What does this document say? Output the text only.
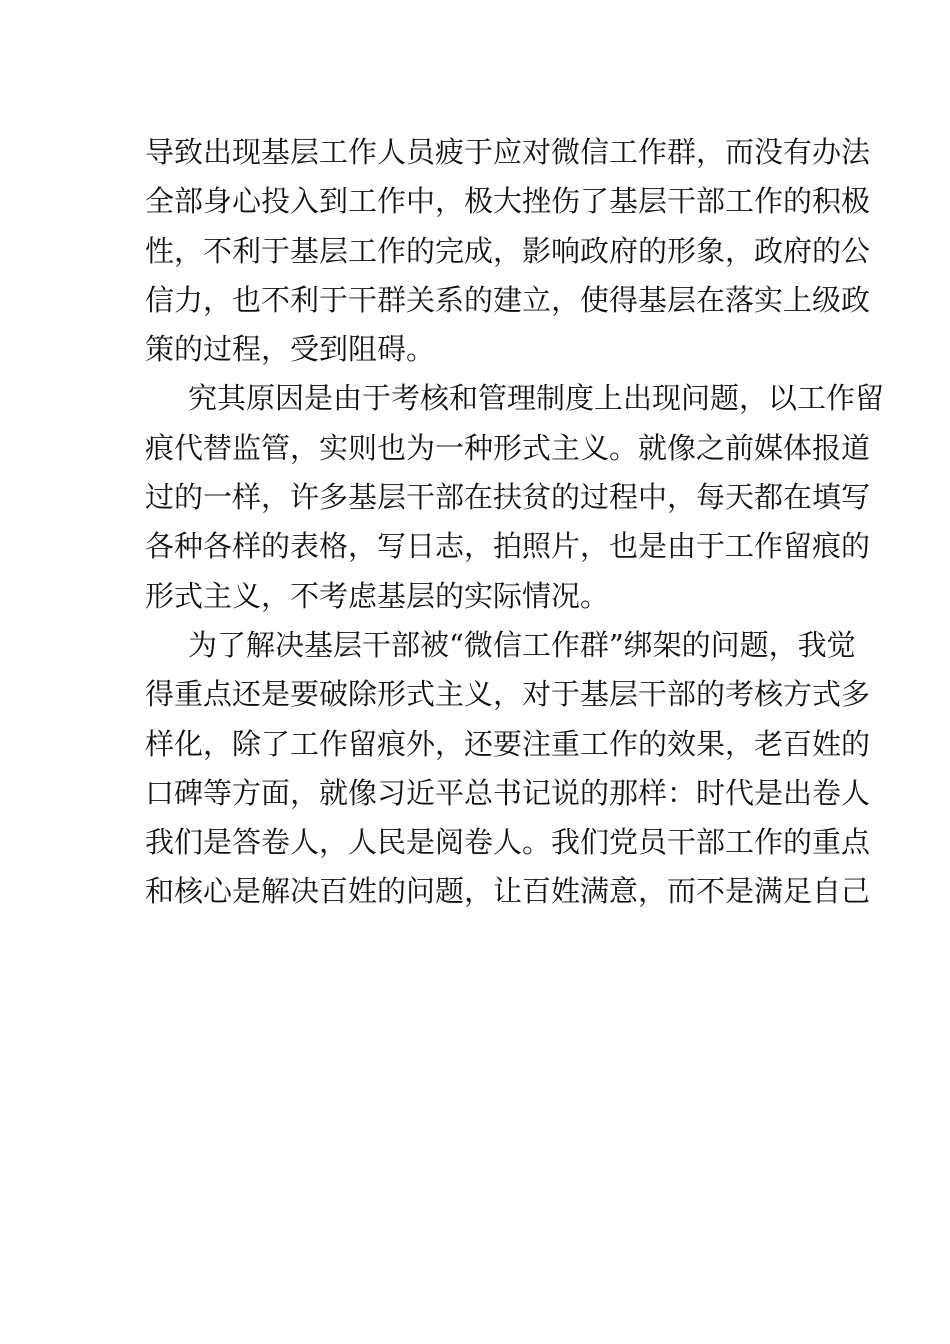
导致出现基层工作人员疲于应对微信工作群，而没有办法
全部身心投入到工作中，极大挫伤了基层干部工作的积极
性，不利于基层工作的完成，影响政府的形象，政府的公
信力，也不利于干群关系的建立，使得基层在落实上级政
策的过程，受到阻碍。
究其原因是由于考核和管理制度上出现问题，以工作留
痕代替监管，实则也为一种形式主义。就像之前媒体报道
过的一样，许多基层干部在扶贫的过程中，每天都在填写
各种各样的表格，写日志，拍照片，也是由于工作留痕的
形式主义，不考虑基层的实际情况。
为了解决基层干部被“微信工作群”绑架的问题，我觉
得重点还是要破除形式主义，对于基层干部的考核方式多
样化，除了工作留痕外，还要注重工作的效果，老百姓的
口碑等方面，就像习近平总书记说的那样：时代是出卷人
我们是答卷人，人民是阅卷人。我们党员干部工作的重点
和核心是解决百姓的问题，让百姓满意，而不是满足自己
